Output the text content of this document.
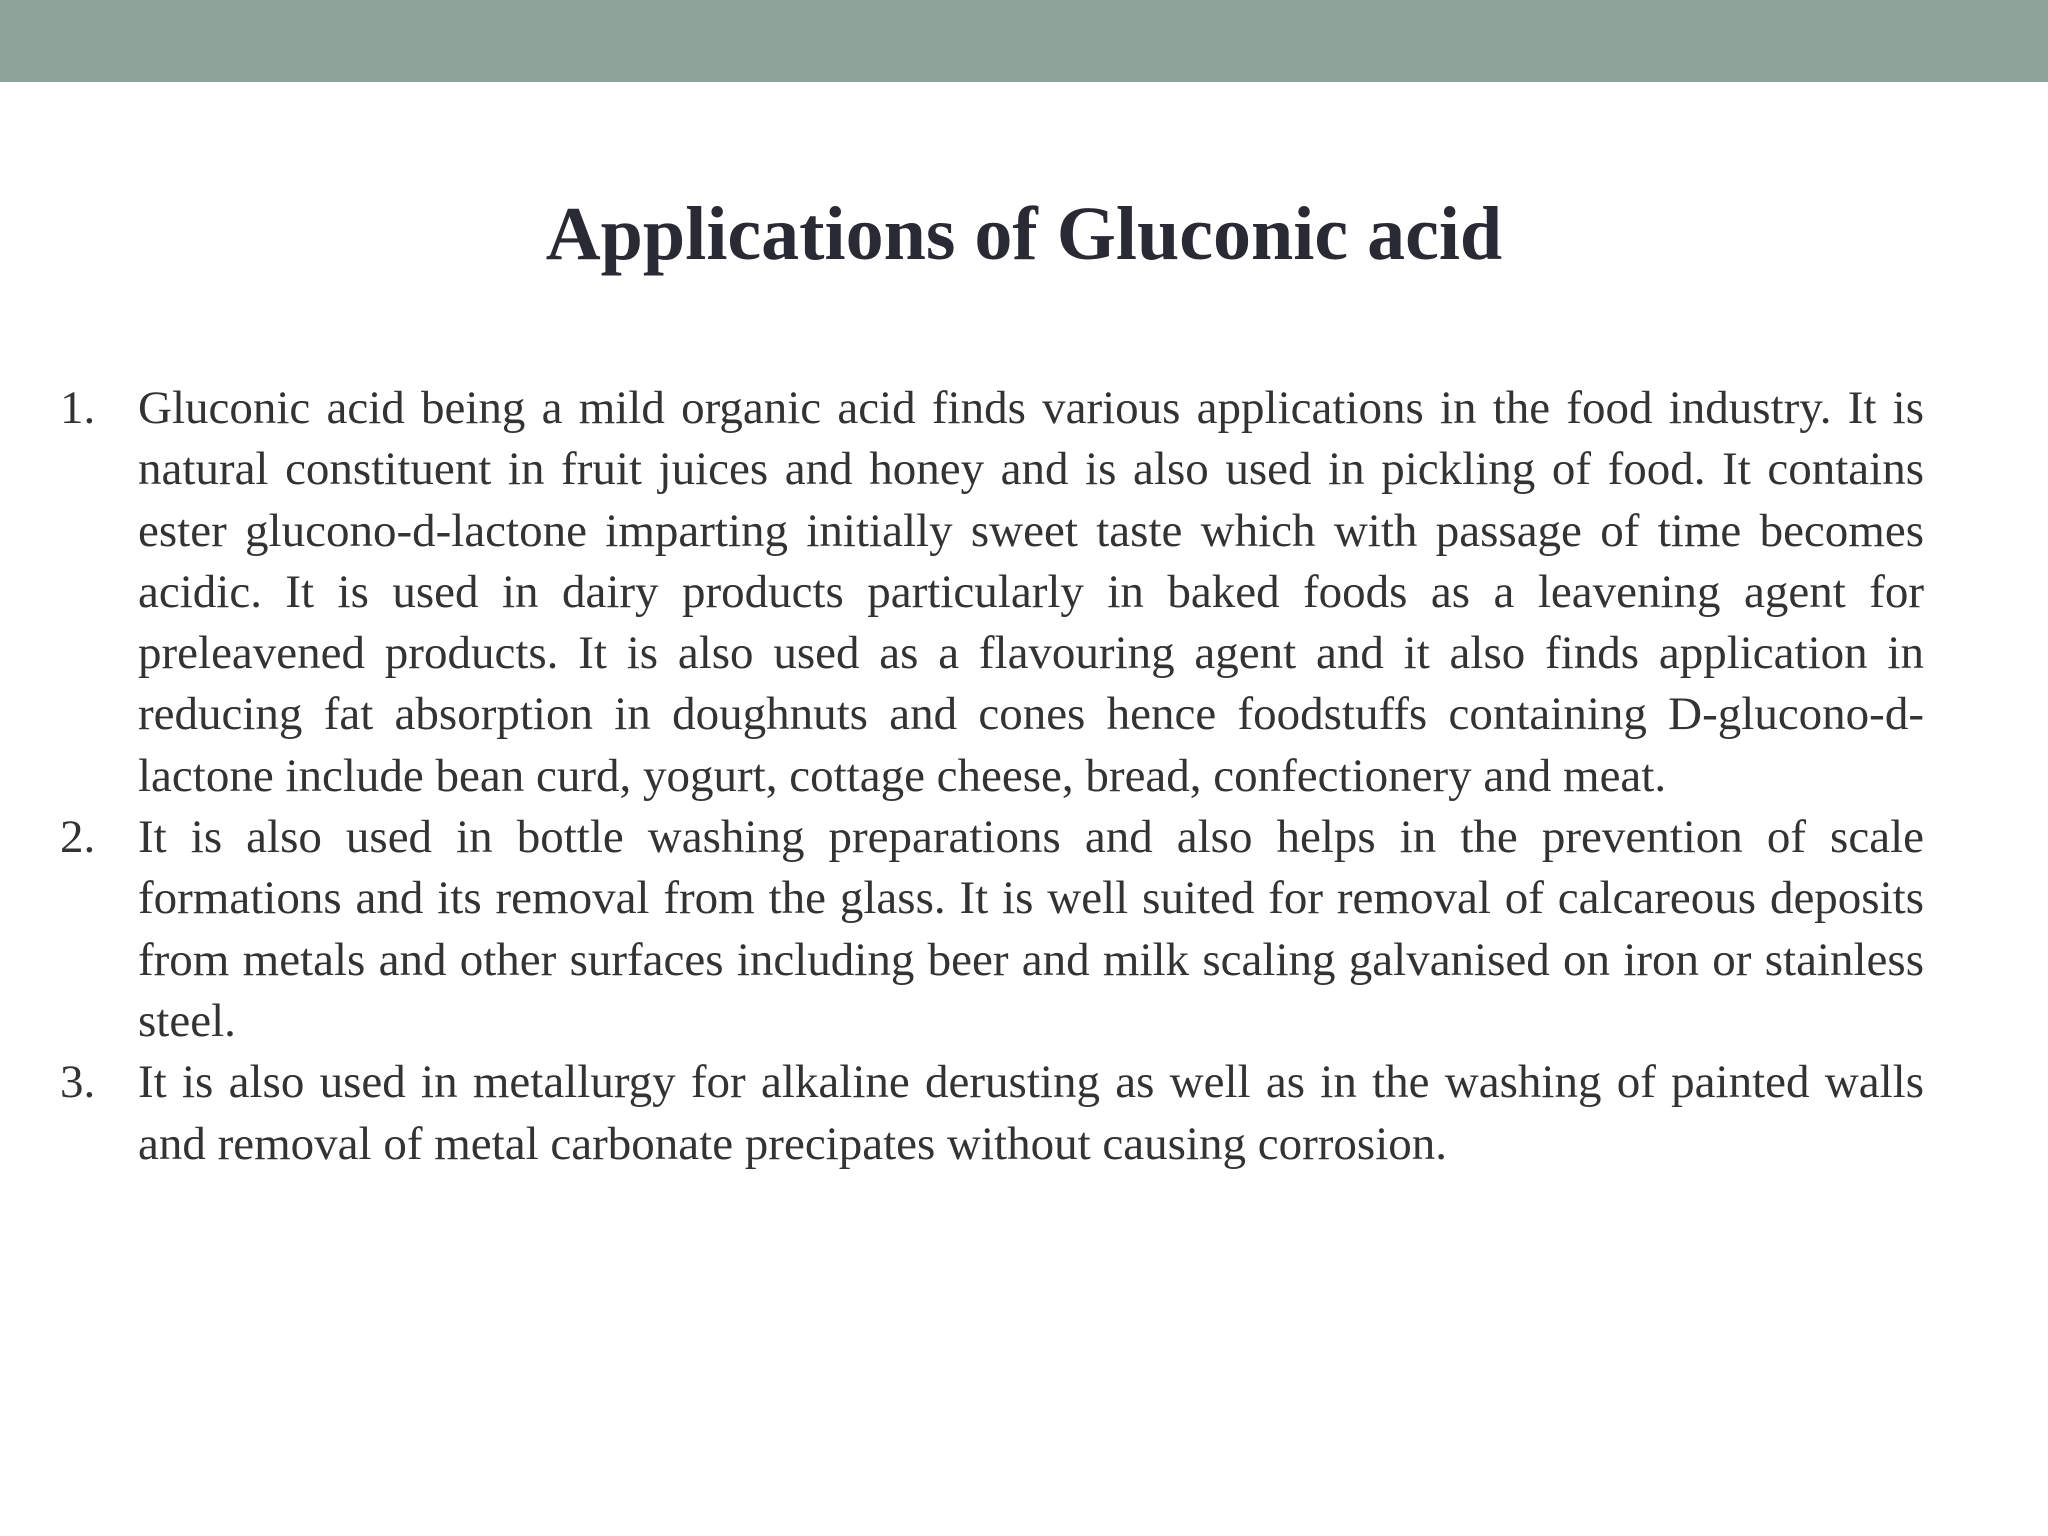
Applications of Gluconic acid
1. Gluconic acid being a mild organic acid finds various applications in the food industry. It is natural constituent in fruit juices and honey and is also used in pickling of food. It contains ester glucono-d-lactone imparting initially sweet taste which with passage of time becomes acidic. It is used in dairy products particularly in baked foods as a leavening agent for preleavened products. It is also used as a flavouring agent and it also finds application in reducing fat absorption in doughnuts and cones hence foodstuffs containing D-glucono-d-lactone include bean curd, yogurt, cottage cheese, bread, confectionery and meat.
2. It is also used in bottle washing preparations and also helps in the prevention of scale formations and its removal from the glass. It is well suited for removal of calcareous deposits from metals and other surfaces including beer and milk scaling galvanised on iron or stainless steel.
3. It is also used in metallurgy for alkaline derusting as well as in the washing of painted walls and removal of metal carbonate precipates without causing corrosion.
